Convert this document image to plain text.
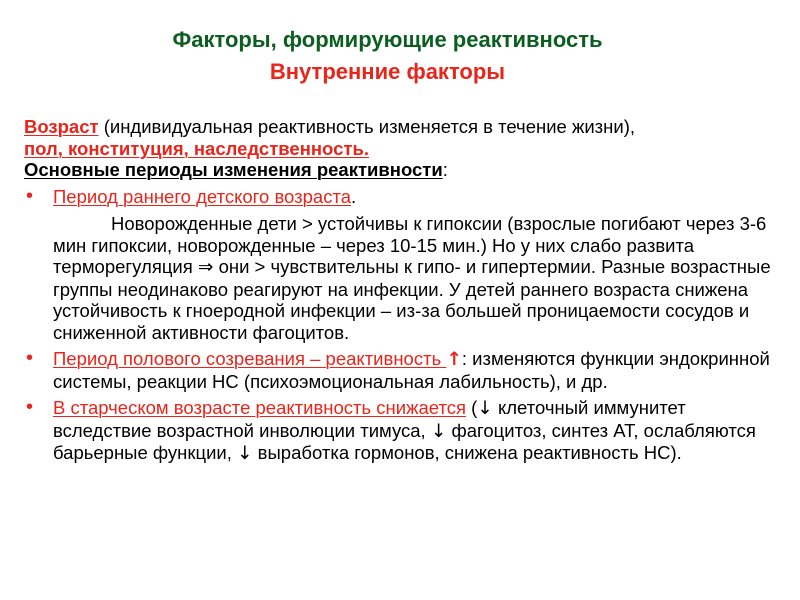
Факторы, формирующие реактивность
Внутренние факторы

Возраст (индивидуальная реактивность изменяется в течение жизни),

пол, конституция, наследственность.

Основные периоды изменения реактивности:

• Период раннего детского возраста.

Новорожденные дети > устойчивы к гипоксии (взрослые погибают через 3-6 мин гипоксии, новорожденные – через 10-15 мин.) Но у них слабо развита терморегуляция ⇒ они > чувствительны к гипо- и гипертермии. Разные возрастные группы неодинаково реагируют на инфекции. У детей раннего возраста снижена устойчивость к гноеродной инфекции – из-за большей проницаемости сосудов и сниженной активности фагоцитов.

• Период полового созревания – реактивность ↑: изменяются функции эндокринной системы, реакции НС (психоэмоциональная лабильность), и др.

• В старческом возрасте реактивность снижается (↓ клеточный иммунитет вследствие возрастной инволюции тимуса, ↓ фагоцитоз, синтез АТ, ослабляются барьерные функции, ↓ выработка гормонов, снижена реактивность НС).
